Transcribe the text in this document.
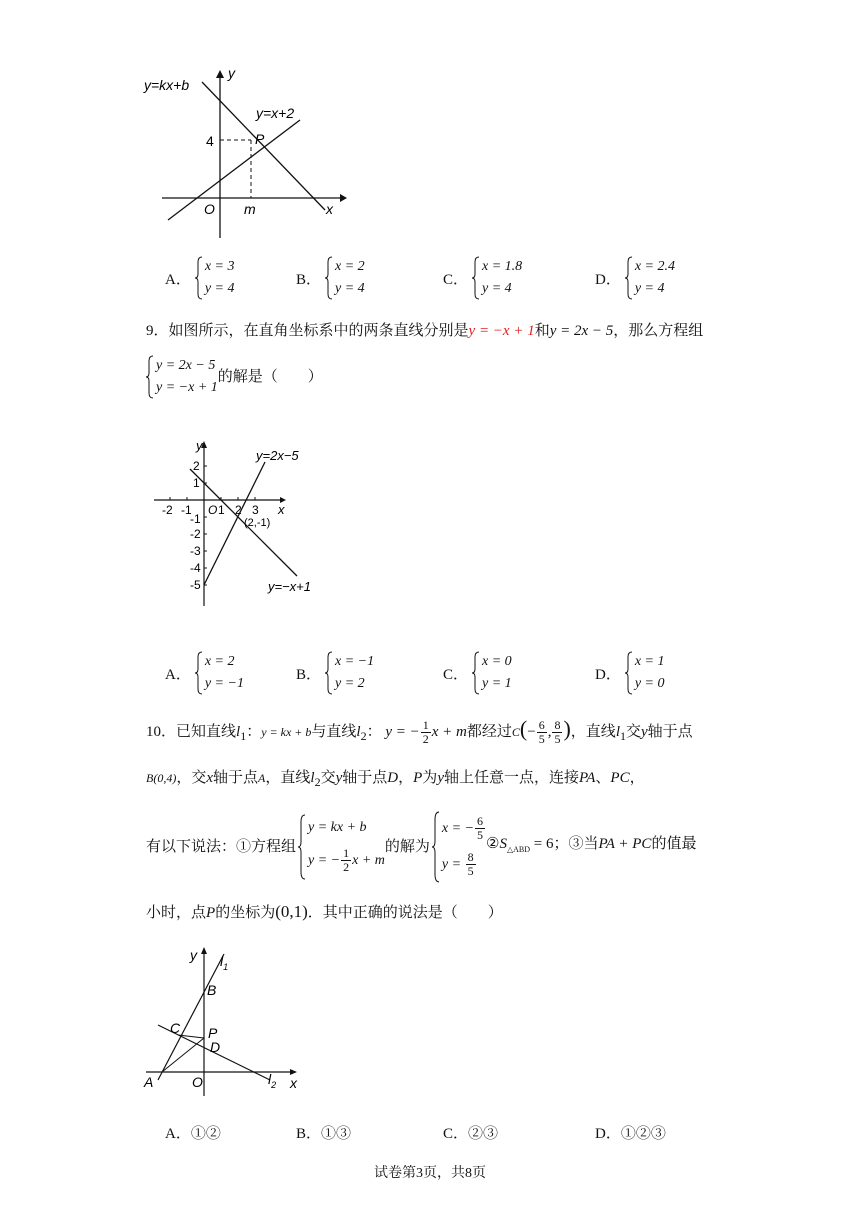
y=kx+b
y=x+2
P
4
m
O	x
y
A．
x = 3
y = 4
B．
x = 2
y = 4
C．
x = 1.8
y = 4
D．
x = 2.4
y = 4
9．如图所示，在直角坐标系中的两条直线分别是y = −x + 1和y = 2x − 5，那么方程组
y = 2x − 5
y = −x + 1
的解是（　　）
y
x
O
y=2x−5
y=−x+1
(2,-1)
-2 -1 1 2 3
2
1
-1
-2
-3
-4
-5
A．
x = 2
y = −1
B．
x = −1
y = 2
C．
x = 0
y = 1
D．
x = 1
y = 0
10．已知直线$l_1$：y = kx + b与直线$l_2$： y = − $\frac{1}{2}$ x + m都经过$C(- \frac{6}{5}$ , $\frac{8}{5}$ )，直线$l_1$交y轴于点
B(0,4)，交x轴于点A，直线$l_2$交y轴于点D，P为y轴上任意一点，连接PA、PC，
有以下说法：①方程组
y = kx + b
y = − $\frac{1}{2}$ x + m
的解为
x = − $\frac{6}{5}$
$y = \frac{8}{5}$
$②S_{\triangle ABD} = 6$；③当PA + PC的值最
小时，点P的坐标为(0,1)．其中正确的说法是（　　）
y
x
$l_1$
$l_2$
B
C P
D
A	O
A．①②	B．①③	C．②③	D．①②③
试卷第3页，共8页
